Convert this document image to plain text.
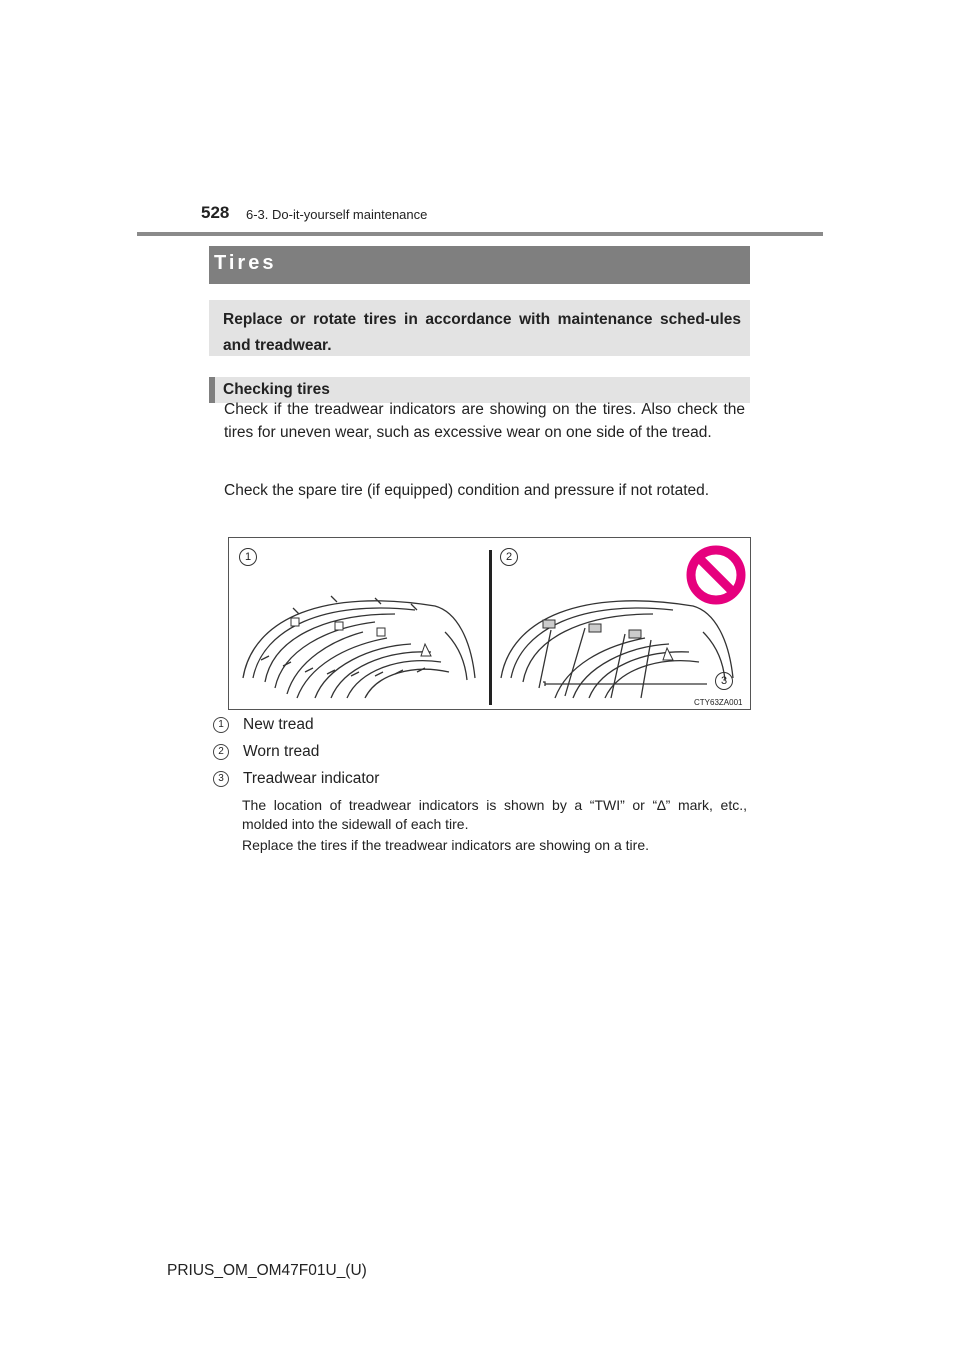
528 6-3. Do-it-yourself maintenance
Tires
Replace or rotate tires in accordance with maintenance sched-ules and treadwear.
Checking tires

Check if the treadwear indicators are showing on the tires. Also check the tires for uneven wear, such as excessive wear on one side of the tread.

Check the spare tire (if equipped) condition and pressure if not rotated.

1	2
3
CTY63ZA001
1	New tread
2	Worn tread
3	Treadwear indicator

The location of treadwear indicators is shown by a “TWI” or “∆” mark, etc., molded into the sidewall of each tire.

Replace the tires if the treadwear indicators are showing on a tire.

PRIUS_OM_OM47F01U_(U)
